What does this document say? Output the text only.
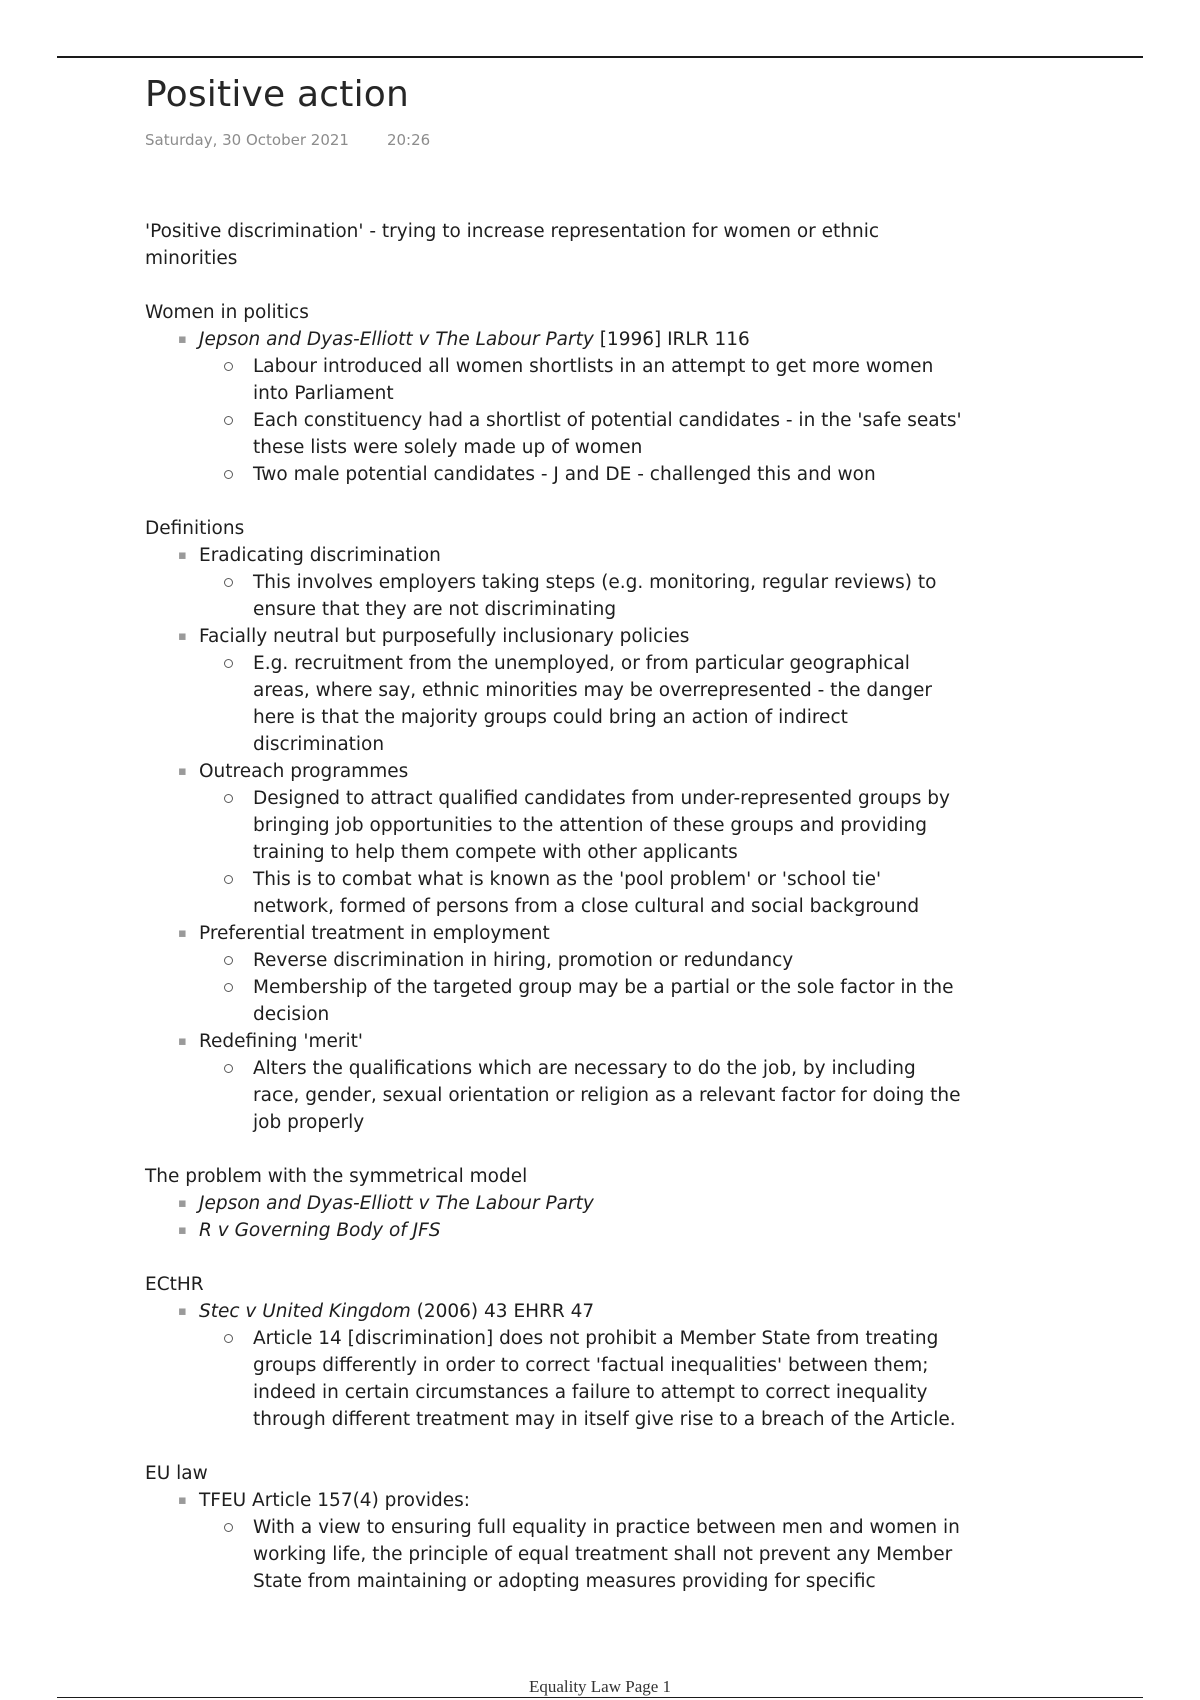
Positive action
Saturday, 30 October 2021	20:26

'Positive discrimination' - trying to increase representation for women or ethnic minorities

Women in politics

▪ Jepson and Dyas-Elliott v The Labour Party [1996] IRLR 116
Labour introduced all women shortlists in an attempt to get more women into Parliament
Each constituency had a shortlist of potential candidates - in the 'safe seats' these lists were solely made up of women
Two male potential candidates - J and DE - challenged this and won

Definitions

▪ Eradicating discrimination
This involves employers taking steps (e.g. monitoring, regular reviews) to ensure that they are not discriminating
▪ Facially neutral but purposefully inclusionary policies
E.g. recruitment from the unemployed, or from particular geographical areas, where say, ethnic minorities may be overrepresented - the danger here is that the majority groups could bring an action of indirect discrimination
▪ Outreach programmes
Designed to attract qualified candidates from under-represented groups by bringing job opportunities to the attention of these groups and providing training to help them compete with other applicants
This is to combat what is known as the 'pool problem' or 'school tie' network, formed of persons from a close cultural and social background
▪ Preferential treatment in employment
Reverse discrimination in hiring, promotion or redundancy
Membership of the targeted group may be a partial or the sole factor in the decision
▪ Redefining 'merit'
Alters the qualifications which are necessary to do the job, by including race, gender, sexual orientation or religion as a relevant factor for doing the job properly

The problem with the symmetrical model

▪ Jepson and Dyas-Elliott v The Labour Party
▪ R v Governing Body of JFS

ECtHR

▪ Stec v United Kingdom (2006) 43 EHRR 47
Article 14 [discrimination] does not prohibit a Member State from treating groups differently in order to correct 'factual inequalities' between them; indeed in certain circumstances a failure to attempt to correct inequality through different treatment may in itself give rise to a breach of the Article.

EU law

▪ TFEU Article 157(4) provides:
With a view to ensuring full equality in practice between men and women in working life, the principle of equal treatment shall not prevent any Member State from maintaining or adopting measures providing for specific
Equality Law Page 1
